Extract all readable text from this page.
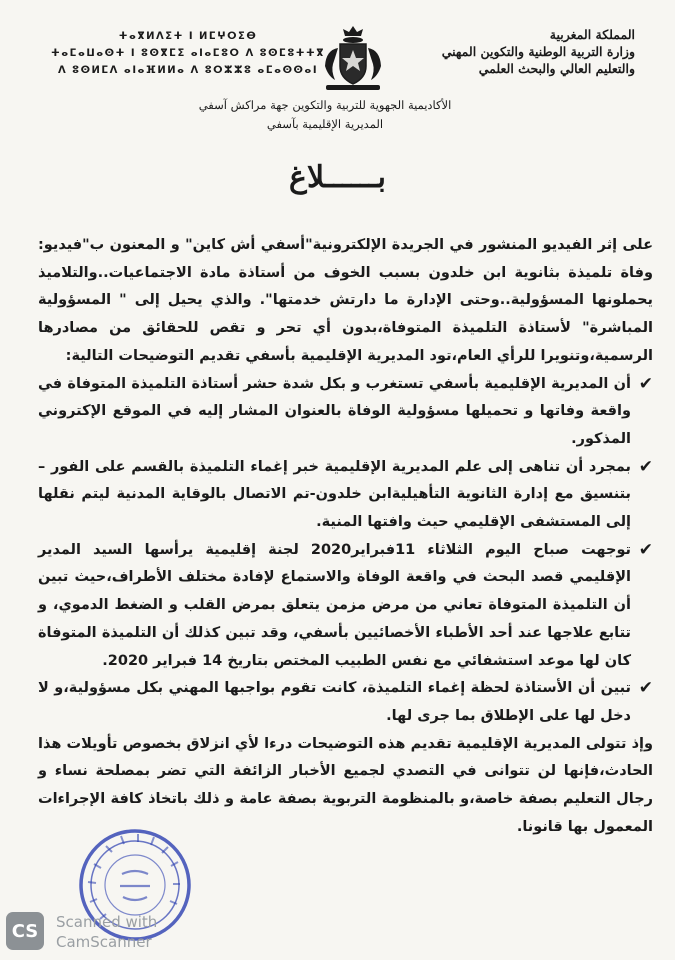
المملكة المغربية
وزارة التربية الوطنية والتكوين المهني
والتعليم العالي والبحث العلمي
ⵜⴰⴳⵍⴷⵉⵜ ⵏ ⵍⵎⵖⵔⵉⴱ
ⵜⴰⵎⴰⵡⴰⵙⵜ ⵏ ⵓⵙⴳⵎⵉ ⴰⵏⴰⵎⵓⵔ ⴷ ⵓⵙⵎⵓⵜⵜⴳ
ⴷ ⵓⵙⵍⵎⴷ ⴰⵏⴰⴼⵍⵍⴰ ⴷ ⵓⵔⵣⵣⵓ ⴰⵎⴰⵙⵙⴰⵏ
الأكاديمية الجهوية للتربية والتكوين جهة مراكش آسفي
المديرية الإقليمية بآسفي
بــــــلاغ

على إثر الفيديو المنشور في الجريدة الإلكترونية"أسفي أش كاين" و المعنون ب"فيديو: وفاة تلميذة بثانوية ابن خلدون بسبب الخوف من أستاذة مادة الاجتماعيات..والتلاميذ يحملونها المسؤولية..وحتى الإدارة ما دارتش خدمتها". والذي يحيل إلى " المسؤولية المباشرة" لأستاذة التلميذة المتوفاة،بدون أي تحر و تقص للحقائق من مصادرها الرسمية،وتنويرا للرأي العام،تود المديرية الإقليمية بأسفي تقديم التوضيحات التالية:

✔
أن المديرية الإقليمية بأسفي تستغرب و بكل شدة حشر أستاذة التلميذة المتوفاة في واقعة وفاتها و تحميلها مسؤولية الوفاة بالعنوان المشار إليه في الموقع الإكتروني المذكور.
✔
بمجرد أن تناهى إلى علم المديرية الإقليمية خبر إغماء التلميذة بالقسم على الفور – بتنسيق مع إدارة الثانوية التأهيليةابن خلدون-تم الاتصال بالوقاية المدنية ليتم نقلها إلى المستشفى الإقليمي حيث وافتها المنية.
✔
توجهت صباح اليوم الثلاثاء 11فبراير2020 لجنة إقليمية يرأسها السيد المدير الإقليمي قصد البحث في واقعة الوفاة والاستماع لإفادة مختلف الأطراف،حيث تبين أن التلميذة المتوفاة تعاني من مرض مزمن يتعلق بمرض القلب و الضغط الدموي، و تتابع علاجها عند أحد الأطباء الأخصائيين بأسفي، وقد تبين كذلك أن التلميذة المتوفاة كان لها موعد استشفائي مع نفس الطبيب المختص بتاريخ 14 فبراير 2020.
✔
تبين أن الأستاذة لحظة إغماء التلميذة، كانت تقوم بواجبها المهني بكل مسؤولية،و لا دخل لها على الإطلاق بما جرى لها.

وإذ تتولى المديرية الإقليمية تقديم هذه التوضيحات درءا لأي انزلاق بخصوص تأويلات هذا الحادث،فإنها لن تتوانى في التصدي لجميع الأخبار الزائفة التي تضر بمصلحة نساء و رجال التعليم بصفة خاصة،و بالمنظومة التربوية بصفة عامة و ذلك باتخاذ كافة الإجراءات المعمول بها قانونا.

CS	Scanned with
CamScanner
